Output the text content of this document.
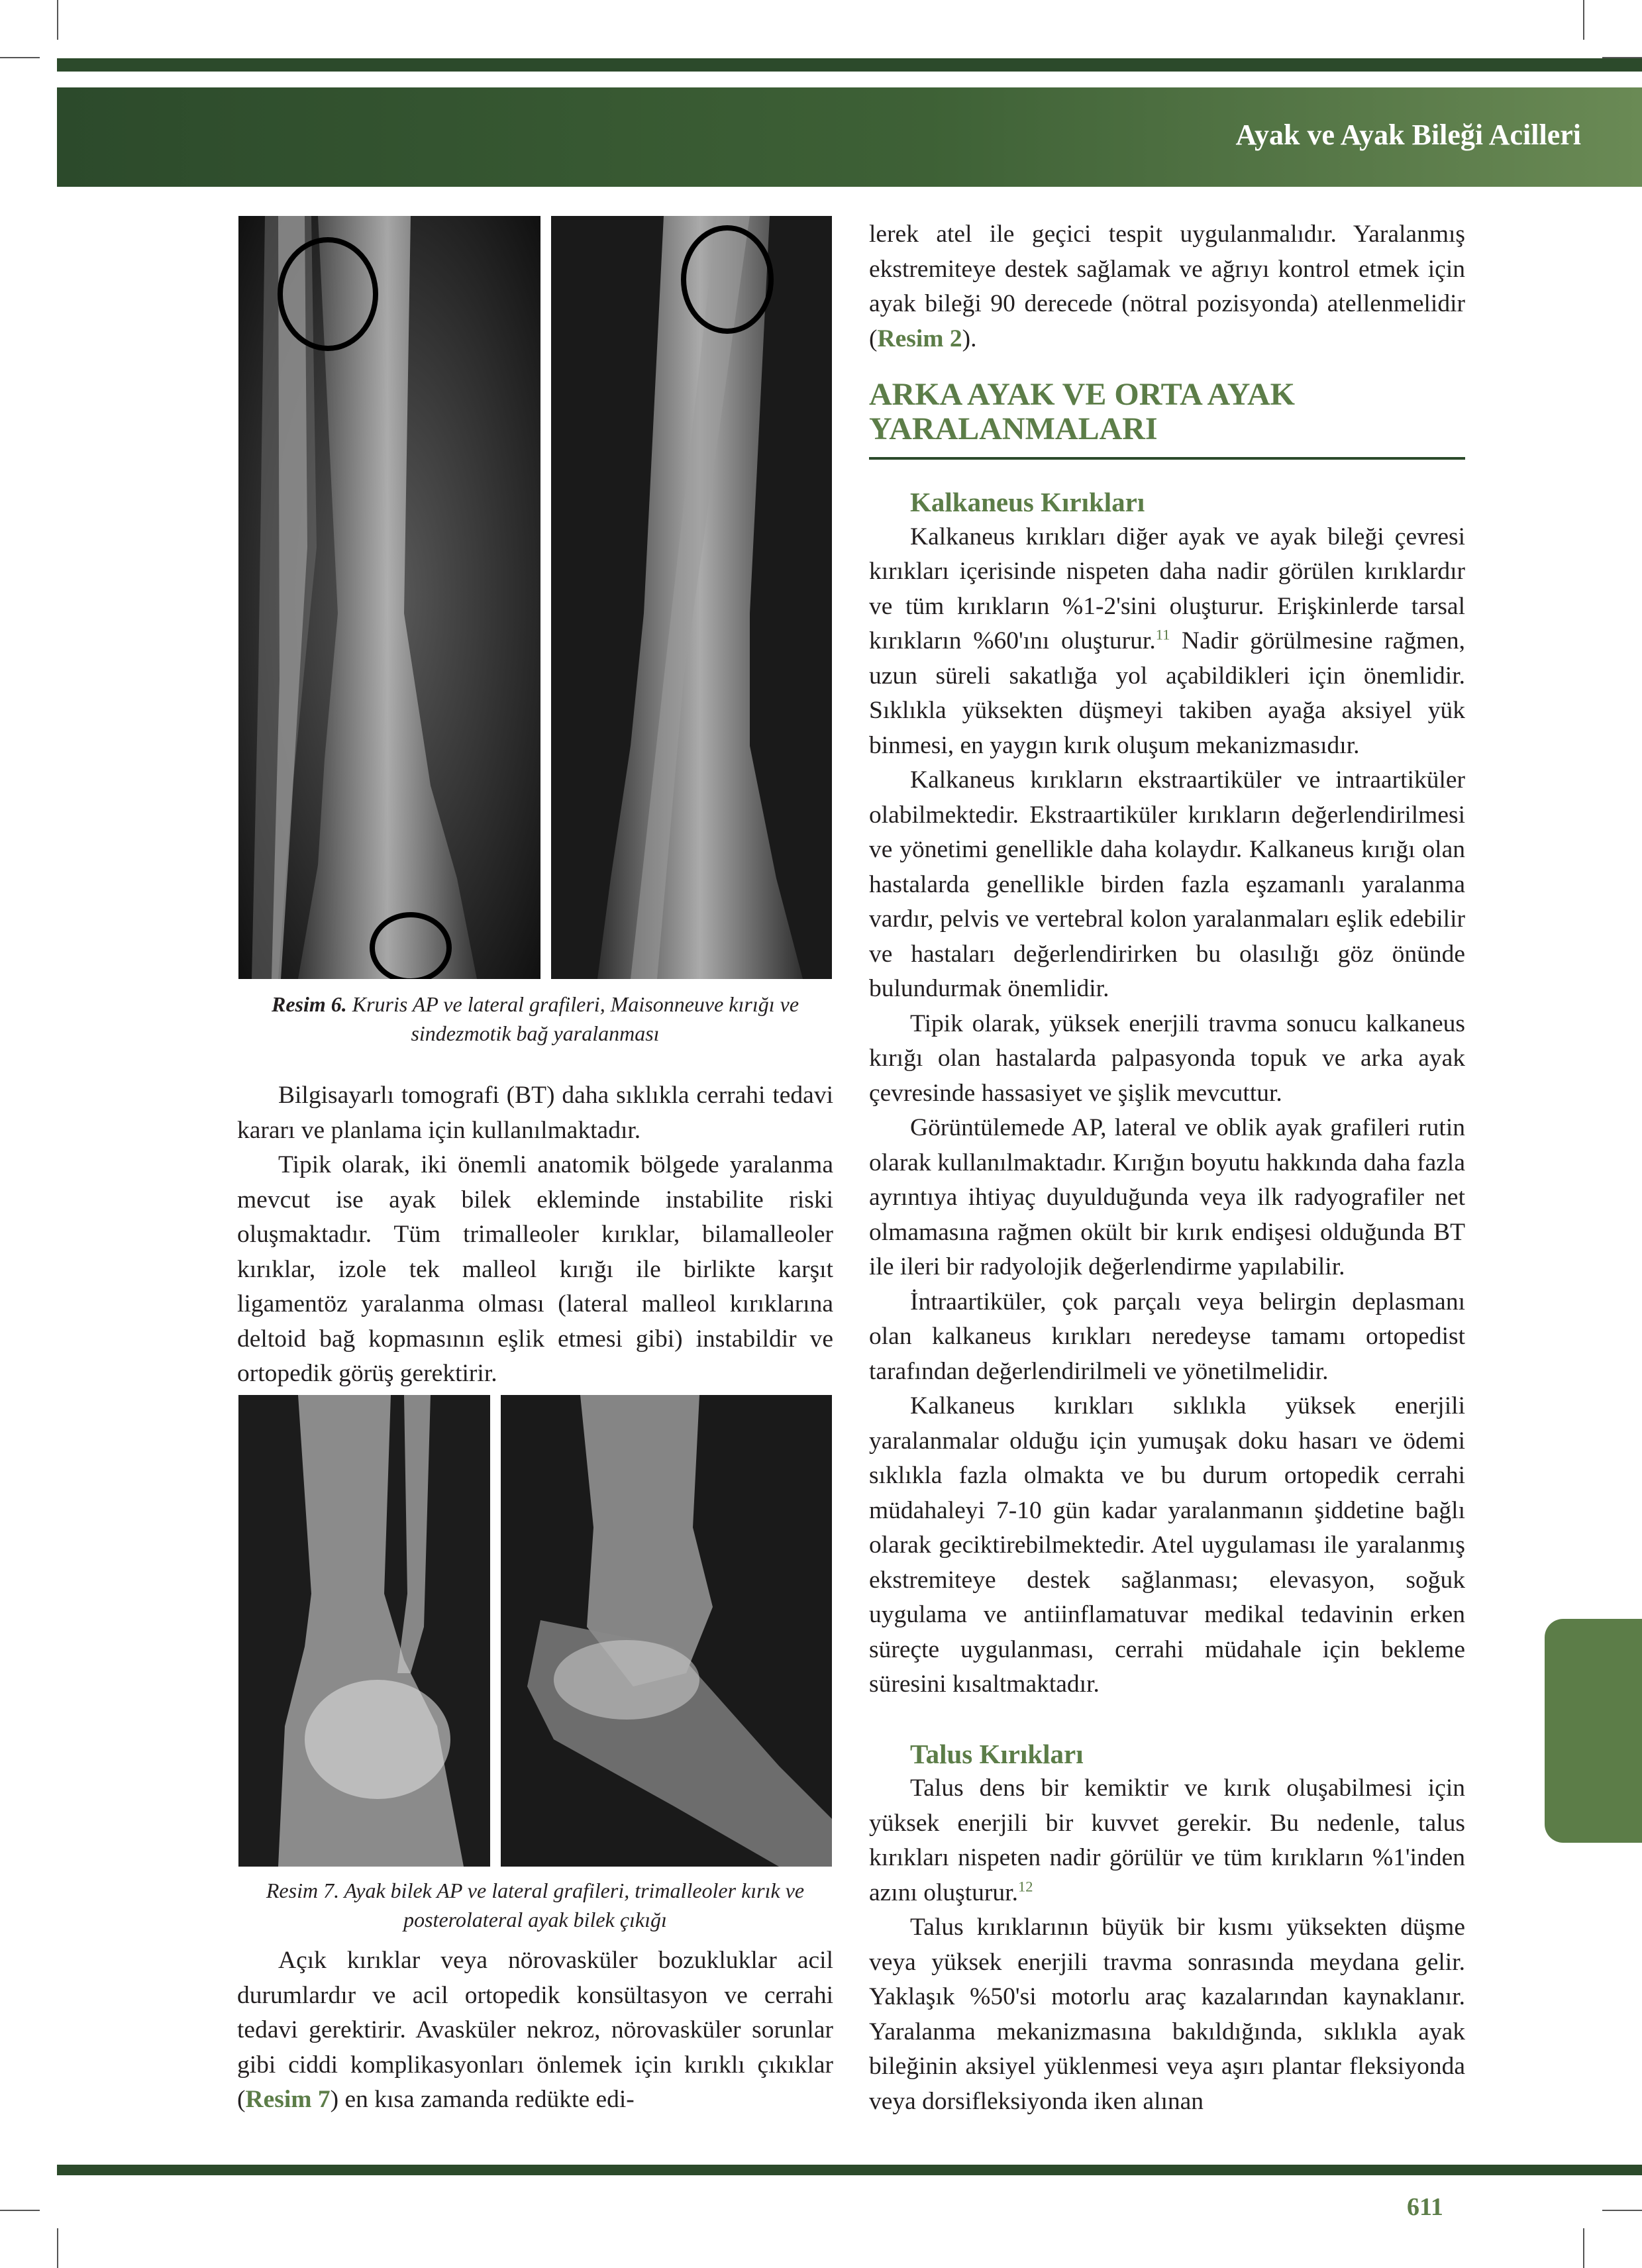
Ayak ve Ayak Bileği Acilleri
Resim 6. Kruris AP ve lateral grafileri, Maisonneuve kırığı ve sindezmotik bağ yaralanması

Bilgisayarlı tomografi (BT) daha sıklıkla cerrahi tedavi kararı ve planlama için kullanılmaktadır.

Tipik olarak, iki önemli anatomik bölgede yaralanma mevcut ise ayak bilek ekleminde instabilite riski oluşmaktadır. Tüm trimalleoler kırıklar, bilamalleoler kırıklar, izole tek malleol kırığı ile birlikte karşıt ligamentöz yaralanma olması (lateral malleol kırıklarına deltoid bağ kopmasının eşlik etmesi gibi) instabildir ve ortopedik görüş gerektirir.

Resim 7. Ayak bilek AP ve lateral grafileri, trimalleoler kırık ve posterolateral ayak bilek çıkığı

Açık kırıklar veya nörovasküler bozukluklar acil durumlardır ve acil ortopedik konsültasyon ve cerrahi tedavi gerektirir. Avasküler nekroz, nörovasküler sorunlar gibi ciddi komplikasyonları önlemek için kırıklı çıkıklar (Resim 7) en kısa zamanda redükte edi-

lerek atel ile geçici tespit uygulanmalıdır. Yaralanmış ekstremiteye destek sağlamak ve ağrıyı kontrol etmek için ayak bileği 90 derecede (nötral pozisyonda) atellenmelidir (Resim 2).

ARKA AYAK VE ORTA AYAK YARALANMALARI

Kalkaneus Kırıkları

Kalkaneus kırıkları diğer ayak ve ayak bileği çevresi kırıkları içerisinde nispeten daha nadir görülen kırıklardır ve tüm kırıkların %1-2'sini oluşturur. Erişkinlerde tarsal kırıkların %60'ını oluşturur.$^{11}$ Nadir görülmesine rağmen, uzun süreli sakatlığa yol açabildikleri için önemlidir. Sıklıkla yüksekten düşmeyi takiben ayağa aksiyel yük binmesi, en yaygın kırık oluşum mekanizmasıdır.

Kalkaneus kırıkların ekstraartiküler ve intraartiküler olabilmektedir. Ekstraartiküler kırıkların değerlendirilmesi ve yönetimi genellikle daha kolaydır. Kalkaneus kırığı olan hastalarda genellikle birden fazla eşzamanlı yaralanma vardır, pelvis ve vertebral kolon yaralanmaları eşlik edebilir ve hastaları değerlendirirken bu olasılığı göz önünde bulundurmak önemlidir.

Tipik olarak, yüksek enerjili travma sonucu kalkaneus kırığı olan hastalarda palpasyonda topuk ve arka ayak çevresinde hassasiyet ve şişlik mevcuttur.

Görüntülemede AP, lateral ve oblik ayak grafileri rutin olarak kullanılmaktadır. Kırığın boyutu hakkında daha fazla ayrıntıya ihtiyaç duyulduğunda veya ilk radyografiler net olmamasına rağmen okült bir kırık endişesi olduğunda BT ile ileri bir radyolojik değerlendirme yapılabilir.

İntraartiküler, çok parçalı veya belirgin deplasmanı olan kalkaneus kırıkları neredeyse tamamı ortopedist tarafından değerlendirilmeli ve yönetilmelidir.

Kalkaneus kırıkları sıklıkla yüksek enerjili yaralanmalar olduğu için yumuşak doku hasarı ve ödemi sıklıkla fazla olmakta ve bu durum ortopedik cerrahi müdahaleyi 7-10 gün kadar yaralanmanın şiddetine bağlı olarak geciktirebilmektedir. Atel uygulaması ile yaralanmış ekstremiteye destek sağlanması; elevasyon, soğuk uygulama ve antiinflamatuvar medikal tedavinin erken süreçte uygulanması, cerrahi müdahale için bekleme süresini kısaltmaktadır.

Talus Kırıkları

Talus dens bir kemiktir ve kırık oluşabilmesi için yüksek enerjili bir kuvvet gerekir. Bu nedenle, talus kırıkları nispeten nadir görülür ve tüm kırıkların %1'inden azını oluşturur.$^{12}$

Talus kırıklarının büyük bir kısmı yüksekten düşme veya yüksek enerjili travma sonrasında meydana gelir. Yaklaşık %50'si motorlu araç kazalarından kaynaklanır. Yaralanma mekanizmasına bakıldığında, sıklıkla ayak bileğinin aksiyel yüklenmesi veya aşırı plantar fleksiyonda veya dorsifleksiyonda iken alınan

611
